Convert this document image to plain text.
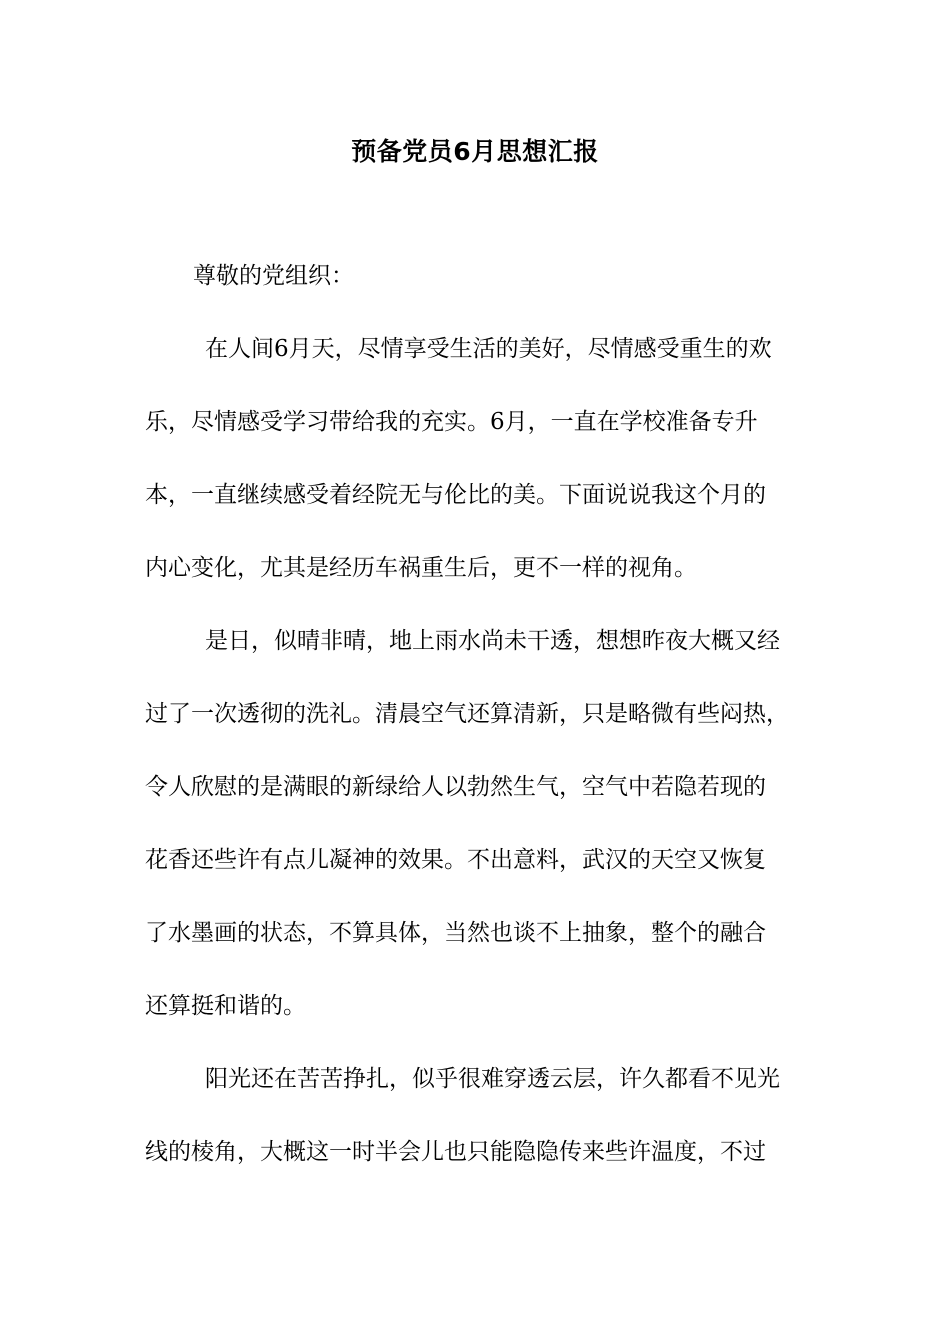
预备党员6月思想汇报
尊敬的党组织：
在人间6月天，尽情享受生活的美好，尽情感受重生的欢
乐，尽情感受学习带给我的充实。6月，一直在学校准备专升
本，一直继续感受着经院无与伦比的美。下面说说我这个月的
内心变化，尤其是经历车祸重生后，更不一样的视角。
是日，似晴非晴，地上雨水尚未干透，想想昨夜大概又经
过了一次透彻的洗礼。清晨空气还算清新，只是略微有些闷热，
令人欣慰的是满眼的新绿给人以勃然生气，空气中若隐若现的
花香还些许有点儿凝神的效果。不出意料，武汉的天空又恢复
了水墨画的状态，不算具体，当然也谈不上抽象，整个的融合
还算挺和谐的。
阳光还在苦苦挣扎，似乎很难穿透云层，许久都看不见光
线的棱角，大概这一时半会儿也只能隐隐传来些许温度，不过
